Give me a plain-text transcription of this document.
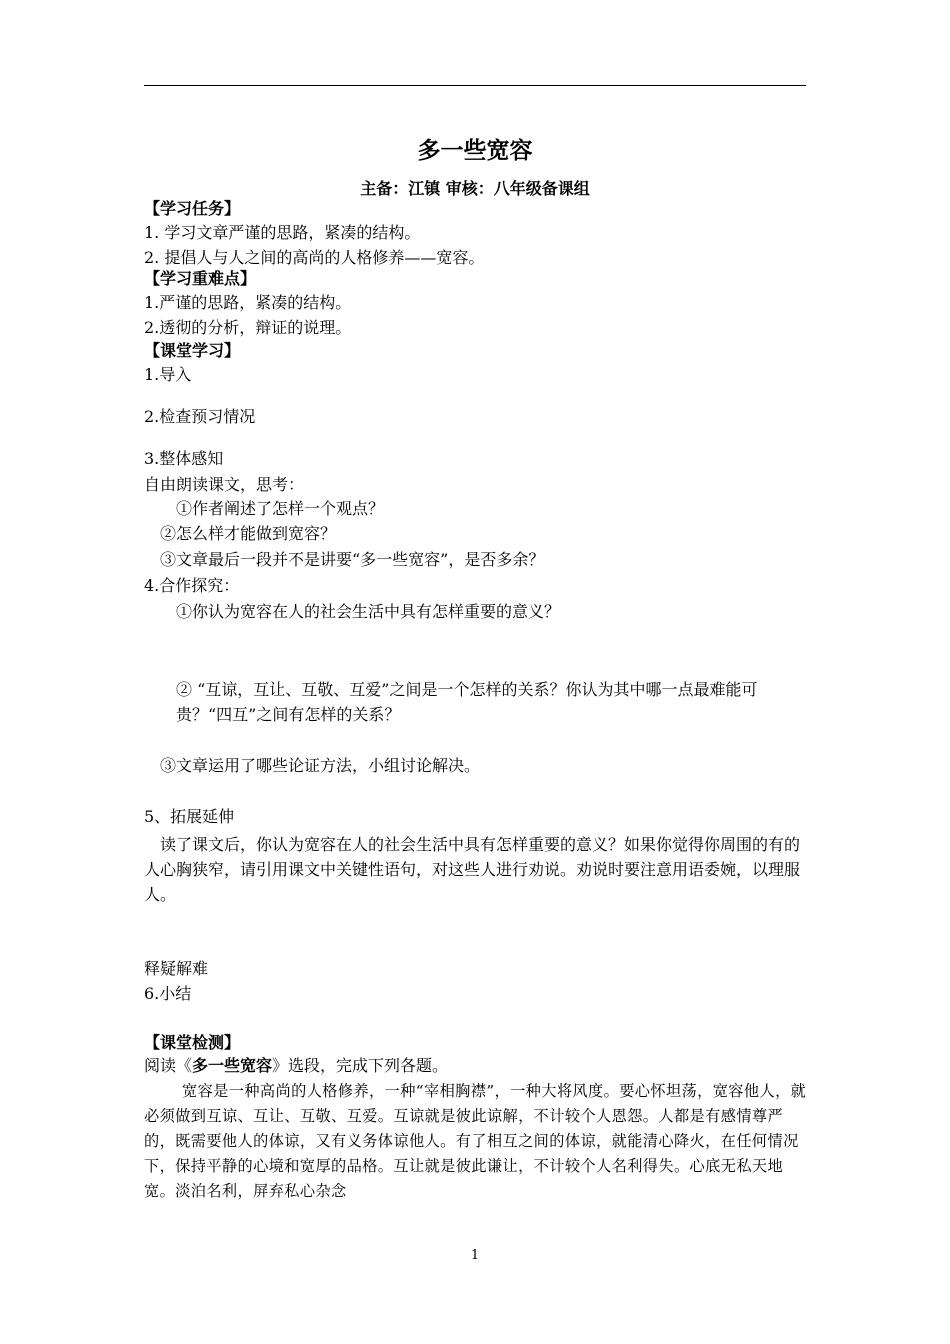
多一些宽容
主备：江镇 审核：八年级备课组
【学习任务】
1. 学习文章严谨的思路，紧凑的结构。
2. 提倡人与人之间的高尚的人格修养——宽容。
【学习重难点】
1.严谨的思路，紧凑的结构。
2.透彻的分析，辩证的说理。
【课堂学习】
1.导入
2.检查预习情况
3.整体感知
自由朗读课文，思考：
①作者阐述了怎样一个观点？
②怎么样才能做到宽容？
③文章最后一段并不是讲要“多一些宽容”，是否多余？
4.合作探究：
①你认为宽容在人的社会生活中具有怎样重要的意义？
② “互谅，互让、互敬、互爱”之间是一个怎样的关系？你认为其中哪一点最难能可贵？“四互”之间有怎样的关系？
③文章运用了哪些论证方法，小组讨论解决。
5、拓展延伸
读了课文后，你认为宽容在人的社会生活中具有怎样重要的意义？如果你觉得你周围的有的人心胸狭窄，请引用课文中关键性语句，对这些人进行劝说。劝说时要注意用语委婉，以理服人。
释疑解难
6.小结
【课堂检测】
阅读《多一些宽容》选段，完成下列各题。
宽容是一种高尚的人格修养，一种“宰相胸襟”，一种大将风度。要心怀坦荡，宽容他人，就必须做到互谅、互让、互敬、互爱。互谅就是彼此谅解，不计较个人恩怨。人都是有感情尊严的，既需要他人的体谅，又有义务体谅他人。有了相互之间的体谅，就能清心降火，在任何情况下，保持平静的心境和宽厚的品格。互让就是彼此谦让，不计较个人名利得失。心底无私天地宽。淡泊名利，屏弃私心杂念
1
